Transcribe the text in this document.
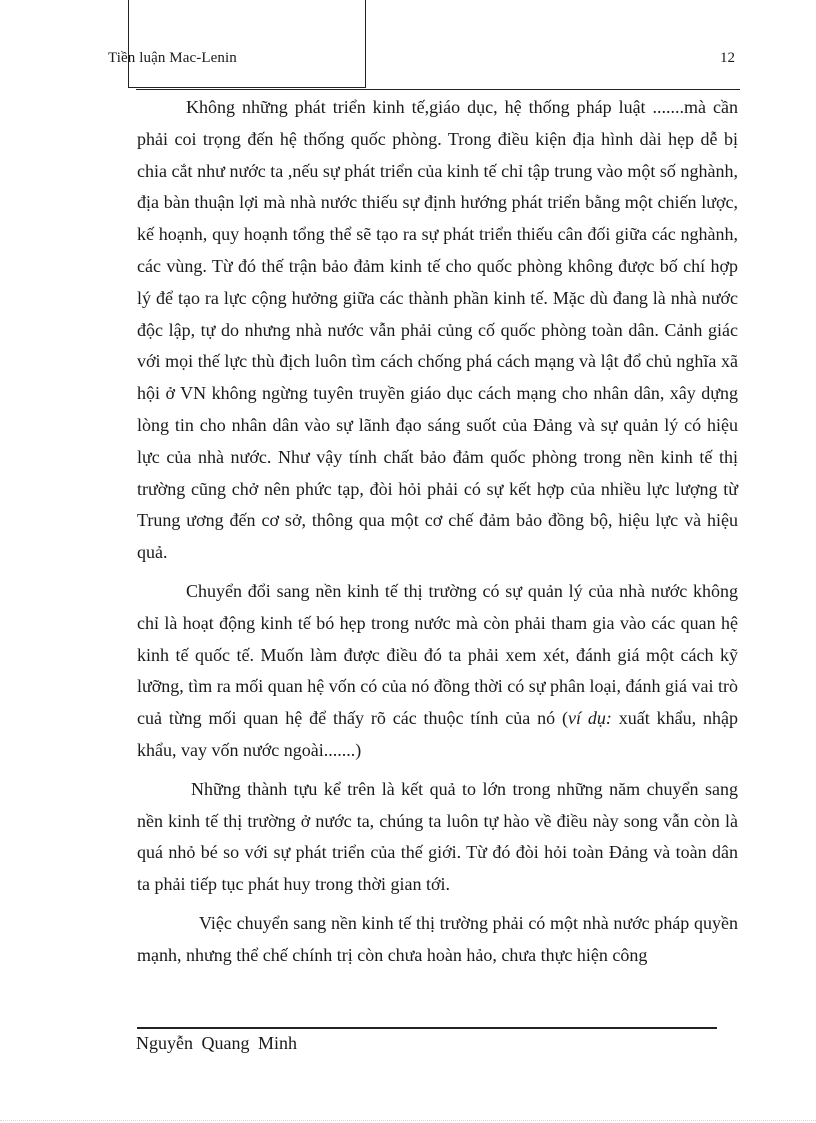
Tiền luận Mac-Lenin	12

Không những phát triển kinh tế,giáo dục, hệ thống pháp luật .......mà cần phải coi trọng đến hệ thống quốc phòng. Trong điều kiện địa hình dài hẹp dễ bị chia cắt như nước ta ,nếu sự phát triển của kinh tế chỉ tập trung vào một số nghành, địa bàn thuận lợi mà nhà nước thiếu sự định hướng phát triển bằng một chiến lược, kế hoạnh, quy hoạnh tổng thể sẽ tạo ra sự phát triển thiếu cân đối giữa các nghành, các vùng. Từ đó thế trận bảo đảm kinh tế cho quốc phòng không được bố chí hợp lý để tạo ra lực cộng hưởng giữa các thành phần kinh tế. Mặc dù đang là nhà nước độc lập, tự do nhưng nhà nước vẫn phải củng cố quốc phòng toàn dân. Cảnh giác với mọi thế lực thù địch luôn tìm cách chống phá cách mạng và lật đổ chủ nghĩa xã hội ở VN không ngừng tuyên truyền giáo dục cách mạng cho nhân dân, xây dựng lòng tin cho nhân dân vào sự lãnh đạo sáng suốt của Đảng và sự quản lý có hiệu lực của nhà nước. Như vậy tính chất bảo đảm quốc phòng trong nền kinh tế thị trường cũng chở nên phức tạp, đòi hỏi phải có sự kết hợp của nhiều lực lượng từ Trung ương đến cơ sở, thông qua một cơ chế đảm bảo đồng bộ, hiệu lực và hiệu quả.

Chuyển đổi sang nền kinh tế thị trường có sự quản lý của nhà nước không chỉ là hoạt động kinh tế bó hẹp trong nước mà còn phải tham gia vào các quan hệ kinh tế quốc tế. Muốn làm được điều đó ta phải xem xét, đánh giá một cách kỹ lưỡng, tìm ra mối quan hệ vốn có của nó đồng thời có sự phân loại, đánh giá vai trò cuả từng mối quan hệ để thấy rõ các thuộc tính của nó (ví dụ: xuất khẩu, nhập khẩu, vay vốn nước ngoài.......)

Những thành tựu kể trên là kết quả to lớn trong những năm chuyển sang nền kinh tế thị trường ở nước ta, chúng ta luôn tự hào về điều này song vẫn còn là quá nhỏ bé so với sự phát triển của thế giới. Từ đó đòi hỏi toàn Đảng và toàn dân ta phải tiếp tục phát huy trong thời gian tới.

Việc chuyển sang nền kinh tế thị trường phải có một nhà nước pháp quyền mạnh, nhưng thể chế chính trị còn chưa hoàn hảo, chưa thực hiện công

Nguyễn Quang Minh
